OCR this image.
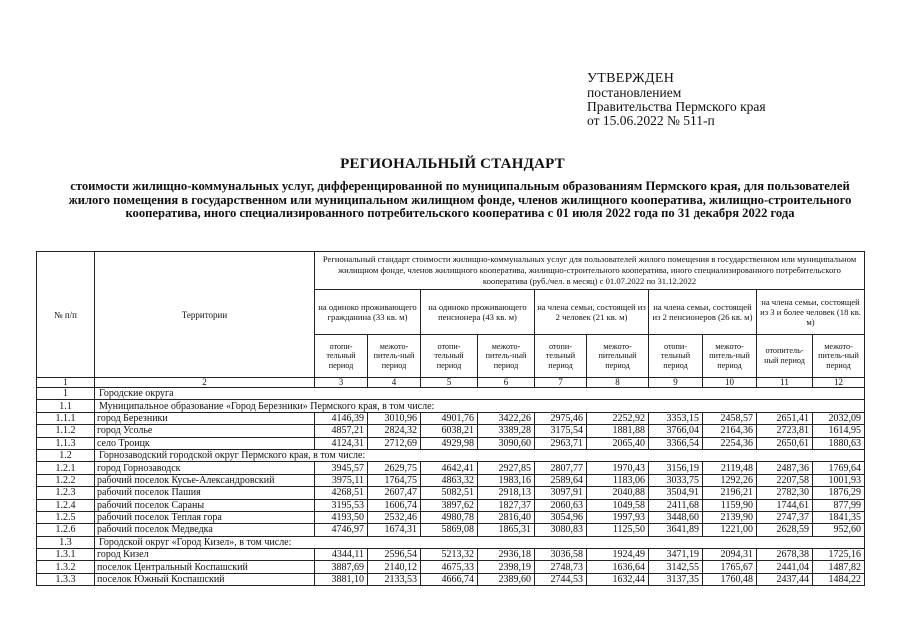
УТВЕРЖДЕН
постановлением
Правительства Пермского края
от 15.06.2022 № 511-п
РЕГИОНАЛЬНЫЙ СТАНДАРТ
стоимости жилищно-коммунальных услуг, дифференцированной по муниципальным образованиям Пермского края, для пользователей жилого помещения в государственном или муниципальном жилищном фонде, членов жилищного кооператива, жилищно-строительного кооператива, иного специализированного потребительского кооператива с 01 июля 2022 года по 31 декабря 2022 года
№ п/п	Территории	Региональный стандарт стоимости жилищно-коммунальных услуг для пользователей жилого помещения в государственном или муниципальном жилищном фонде, членов жилищного кооператива, жилищно-строительного кооператива, иного специализированного потребительского кооператива (руб./чел. в месяц) с 01.07.2022 по 31.12.2022									
		на одиноко проживающего гражданина (33 кв. м)		на одиноко проживающего пенсионера (43 кв. м)		на члена семьи, состоящей из 2 человек (21 кв. м)		на члена семьи, состоящей из 2 пенсионеров (26 кв. м)		на члена семьи, состоящей из 3 и более человек (18 кв. м)	
		отопи-тельный период	межото-питель-ный период	отопи-тельный период	межото-питель-ный период	отопи-тельный период	межото-пительный период	отопи-тельный период	межото-питель-ный период	отопитель-ный период	межото-питель-ный период
1	2	3	4	5	6	7	8	9	10	11	12
1	Городские округа										
1.1	Муниципальное образование «Город Березники» Пермского края, в том числе:										
1.1.1	город Березники	4146,39	3010,96	4901,76	3422,26	2975,46	2252,92	3353,15	2458,57	2651,41	2032,09
1.1.2	город Усолье	4857,21	2824,32	6038,21	3389,28	3175,54	1881,88	3766,04	2164,36	2723,81	1614,95
1.1.3	село Троицк	4124,31	2712,69	4929,98	3090,60	2963,71	2065,40	3366,54	2254,36	2650,61	1880,63
1.2	Горнозаводский городской округ Пермского края, в том числе:										
1.2.1	город Горнозаводск	3945,57	2629,75	4642,41	2927,85	2807,77	1970,43	3156,19	2119,48	2487,36	1769,64
1.2.2	рабочий поселок Кусье-Александровский	3975,11	1764,75	4863,32	1983,16	2589,64	1183,06	3033,75	1292,26	2207,58	1001,93
1.2.3	рабочий поселок Пашия	4268,51	2607,47	5082,51	2918,13	3097,91	2040,88	3504,91	2196,21	2782,30	1876,29
1.2.4	рабочий поселок Сараны	3195,53	1606,74	3897,62	1827,37	2060,63	1049,58	2411,68	1159,90	1744,61	877,99
1.2.5	рабочий поселок Теплая гора	4193,50	2532,46	4980,78	2816,40	3054,96	1997,93	3448,60	2139,90	2747,37	1841,35
1.2.6	рабочий поселок Медведка	4746,97	1674,31	5869,08	1865,31	3080,83	1125,50	3641,89	1221,00	2628,59	952,60
1.3	Городской округ «Город Кизел», в том числе:										
1.3.1	город Кизел	4344,11	2596,54	5213,32	2936,18	3036,58	1924,49	3471,19	2094,31	2678,38	1725,16
1.3.2	поселок Центральный Коспашский	3887,69	2140,12	4675,33	2398,19	2748,73	1636,64	3142,55	1765,67	2441,04	1487,82
1.3.3	поселок Южный Коспашский	3881,10	2133,53	4666,74	2389,60	2744,53	1632,44	3137,35	1760,48	2437,44	1484,22
